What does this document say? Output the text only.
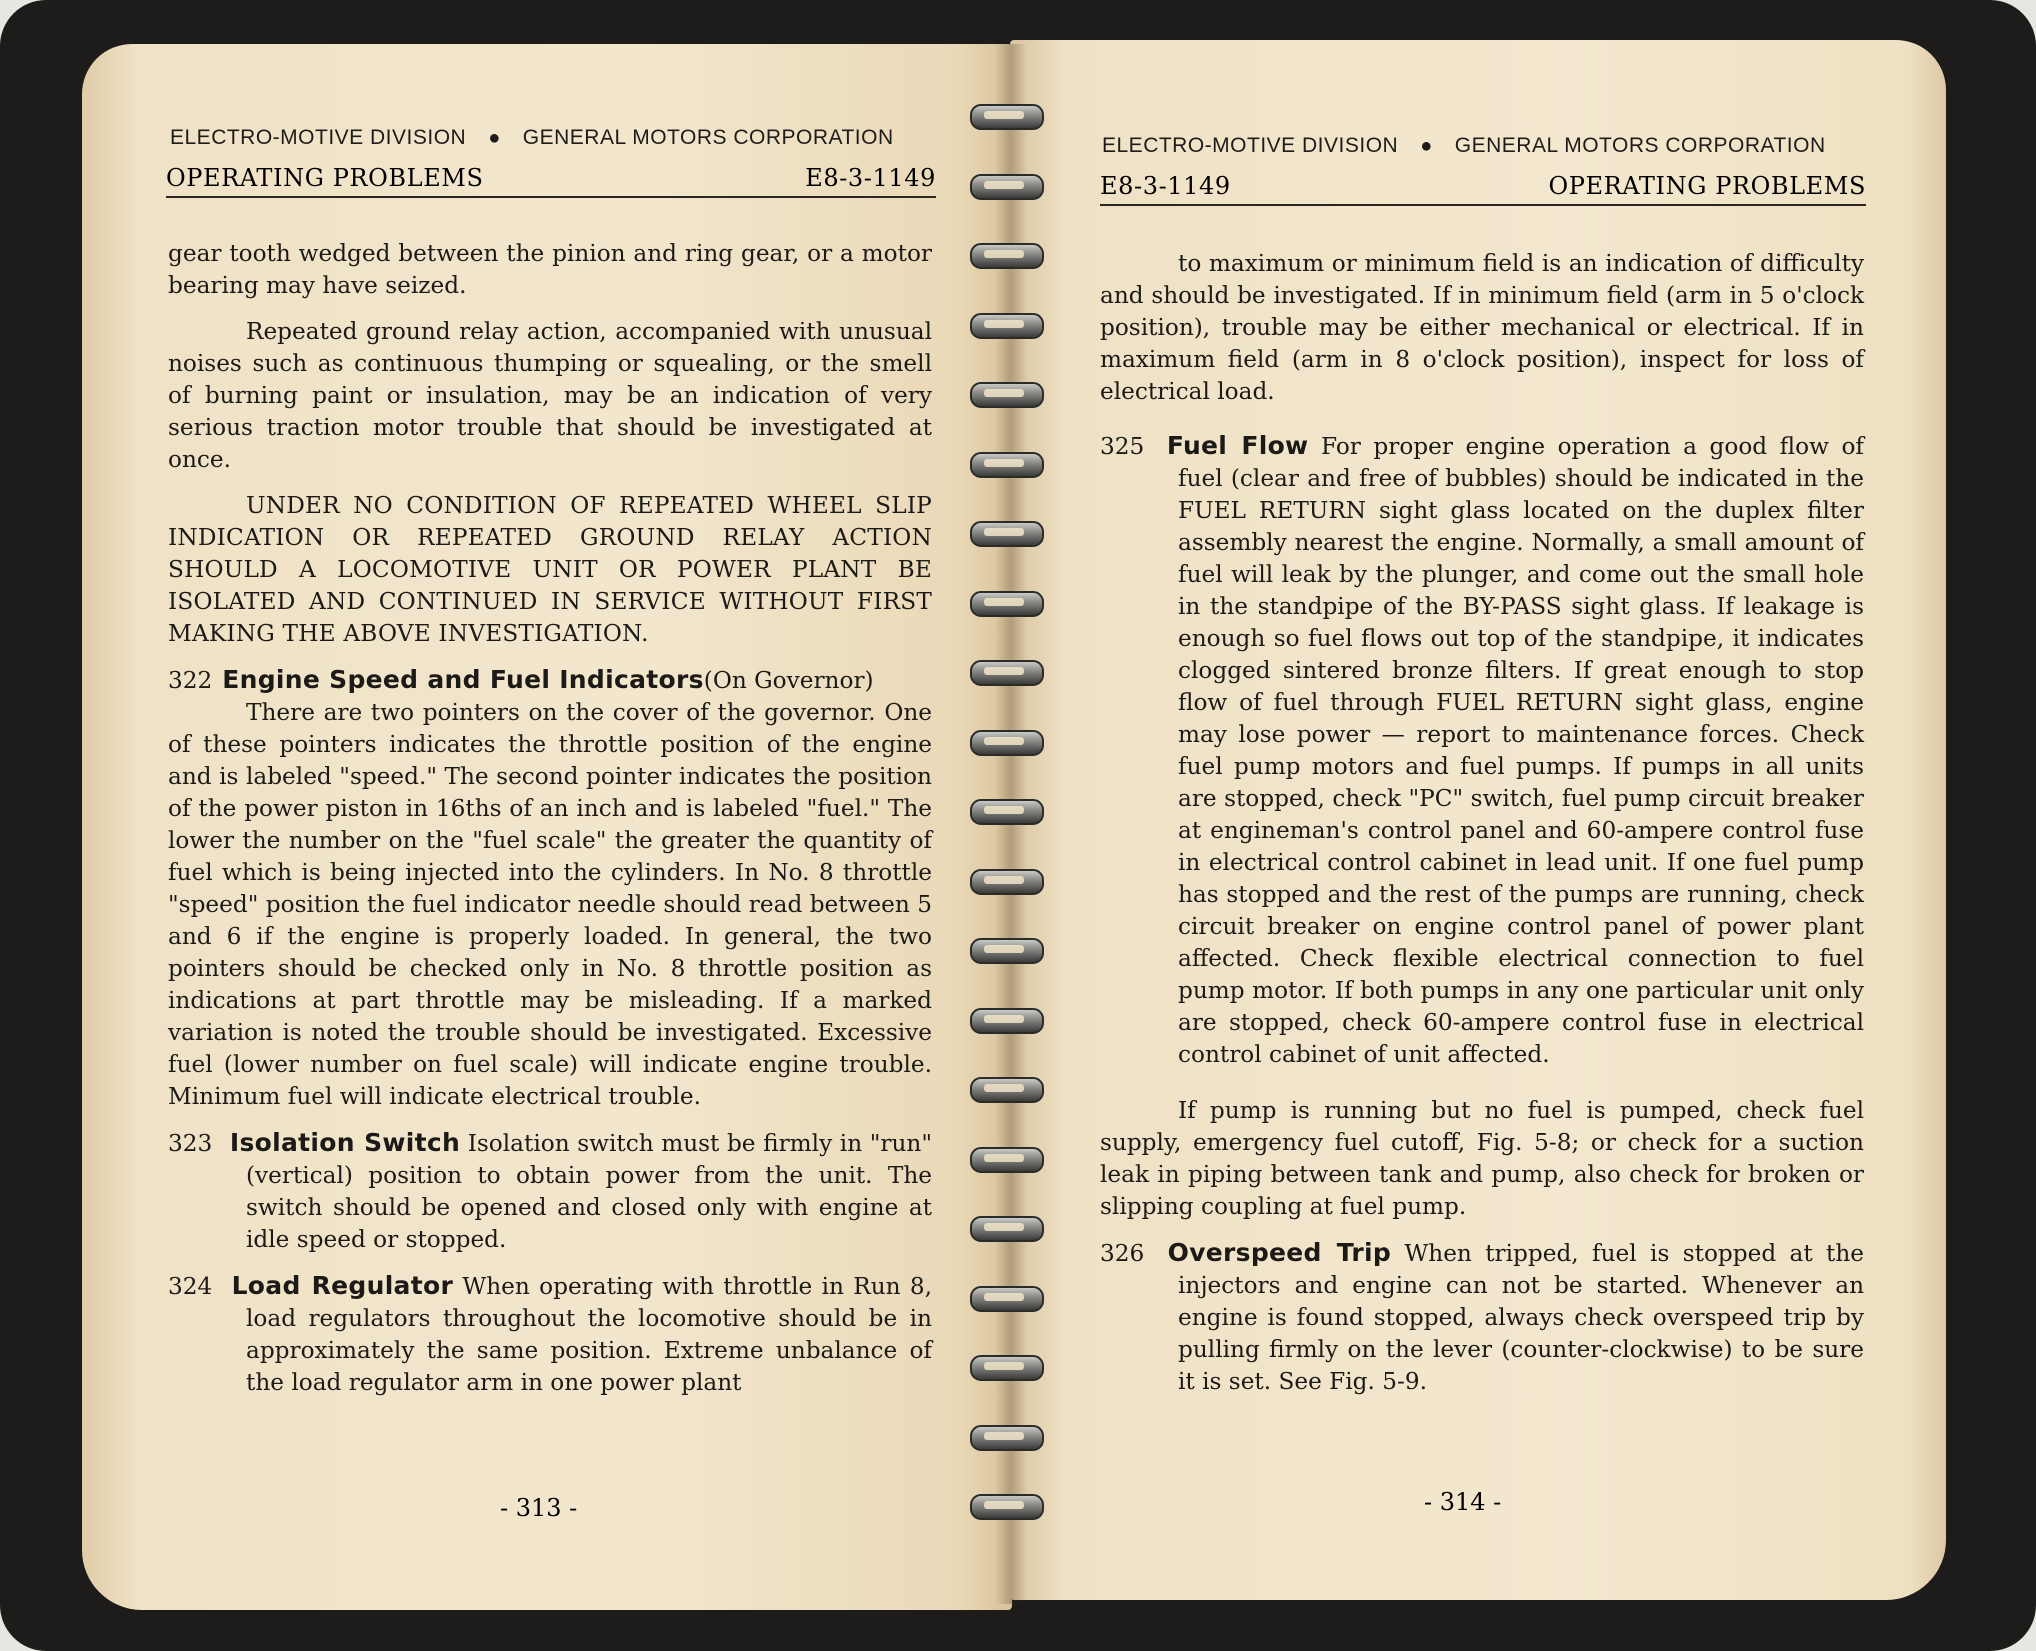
ELECTRO-MOTIVE DIVISION ● GENERAL MOTORS CORPORATION
OPERATING PROBLEMS	E8-3-1149

gear tooth wedged between the pinion and ring gear, or a motor bearing may have seized.

Repeated ground relay action, accompanied with unusual noises such as continuous thumping or squealing, or the smell of burning paint or insulation, may be an indication of very serious traction motor trouble that should be investigated at once.

UNDER NO CONDITION OF REPEATED WHEEL SLIP INDICATION OR REPEATED GROUND RELAY ACTION SHOULD A LOCOMOTIVE UNIT OR POWER PLANT BE ISOLATED AND CONTINUED IN SERVICE WITHOUT FIRST MAKING THE ABOVE INVESTIGATION.

322 Engine Speed and Fuel Indicators(On Governor)

There are two pointers on the cover of the governor. One of these pointers indicates the throttle position of the engine and is labeled "speed." The second pointer indicates the position of the power piston in 16ths of an inch and is labeled "fuel." The lower the number on the "fuel scale" the greater the quantity of fuel which is being injected into the cylinders. In No. 8 throttle "speed" position the fuel indicator needle should read between 5 and 6 if the engine is properly loaded. In general, the two pointers should be checked only in No. 8 throttle position as indications at part throttle may be misleading. If a marked variation is noted the trouble should be investigated. Excessive fuel (lower number on fuel scale) will indicate engine trouble. Minimum fuel will indicate electrical trouble.

323 Isolation Switch Isolation switch must be firmly in "run" (vertical) position to obtain power from the unit. The switch should be opened and closed only with engine at idle speed or stopped.

324 Load Regulator When operating with throttle in Run 8, load regulators throughout the locomotive should be in approximately the same position. Extreme unbalance of the load regulator arm in one power plant

- 313 -
ELECTRO-MOTIVE DIVISION ● GENERAL MOTORS CORPORATION
E8-3-1149	OPERATING PROBLEMS

to maximum or minimum field is an indication of difficulty and should be investigated. If in minimum field (arm in 5 o'clock position), trouble may be either mechanical or electrical. If in maximum field (arm in 8 o'clock position), inspect for loss of electrical load.

325 Fuel Flow For proper engine operation a good flow of fuel (clear and free of bubbles) should be indicated in the FUEL RETURN sight glass located on the duplex filter assembly nearest the engine. Normally, a small amount of fuel will leak by the plunger, and come out the small hole in the standpipe of the BY-PASS sight glass. If leakage is enough so fuel flows out top of the standpipe, it indicates clogged sintered bronze filters. If great enough to stop flow of fuel through FUEL RETURN sight glass, engine may lose power — report to maintenance forces. Check fuel pump motors and fuel pumps. If pumps in all units are stopped, check "PC" switch, fuel pump circuit breaker at engineman's control panel and 60-ampere control fuse in electrical control cabinet in lead unit. If one fuel pump has stopped and the rest of the pumps are running, check circuit breaker on engine control panel of power plant affected. Check flexible electrical connection to fuel pump motor. If both pumps in any one particular unit only are stopped, check 60-ampere control fuse in electrical control cabinet of unit affected.

If pump is running but no fuel is pumped, check fuel supply, emergency fuel cutoff, Fig. 5-8; or check for a suction leak in piping between tank and pump, also check for broken or slipping coupling at fuel pump.

326 Overspeed Trip When tripped, fuel is stopped at the injectors and engine can not be started. Whenever an engine is found stopped, always check overspeed trip by pulling firmly on the lever (counter-clockwise) to be sure it is set. See Fig. 5-9.

- 314 -
